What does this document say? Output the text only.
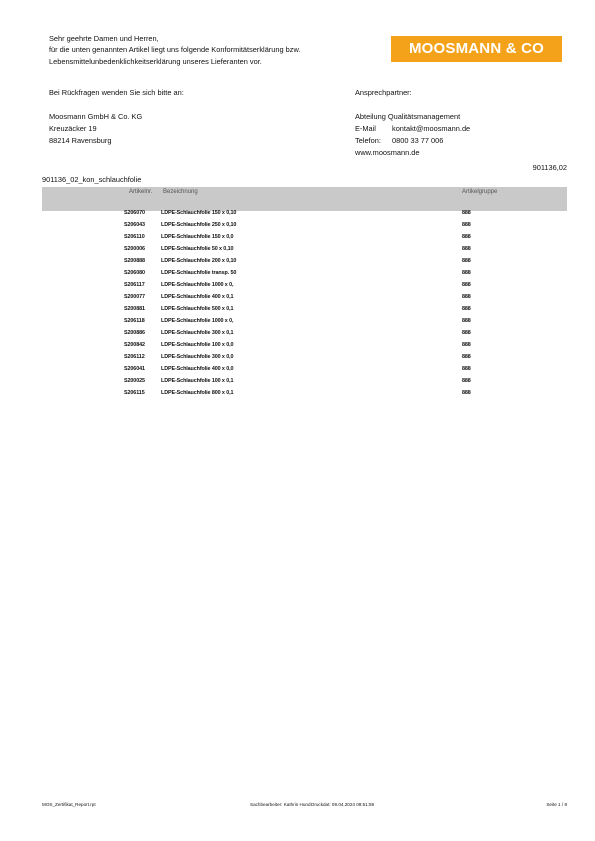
Sehr geehrte Damen und Herren,
für die unten genannten Artikel liegt uns folgende Konformitätserklärung bzw.
Lebensmittelunbedenklichkeitserklärung unseres Lieferanten vor.
MOOSMANN & CO
Bei Rückfragen wenden Sie sich bitte an:
Moosmann GmbH & Co. KG
Kreuzäcker 19
88214 Ravensburg
Ansprechpartner:
Abteilung Qualitätsmanagement
E-Mail kontakt@moosmann.de
Telefon: 0800 33 77 006
www.moosmann.de
901136,02
901136_02_kon_schlauchfolie
Artikelnr. Bezeichnung	Artikelgruppe
S206070	LDPE-Schlauchfolie 150 x 0,10	888
S206043	LDPE-Schlauchfolie 250 x 0,10	888
S206110	LDPE-Schlauchfolie 150 x 0,0	888
S200006	LDPE-Schlauchfolie 50 x 0,10	888
S200888	LDPE-Schlauchfolie 200 x 0,10	888
S206080	LDPE-Schlauchfolie transp. 50	888
S206117	LDPE-Schlauchfolie 1000 x 0,	888
S200077	LDPE-Schlauchfolie 400 x 0,1	888
S200881	LDPE-Schlauchfolie 500 x 0,1	888
S206118	LDPE-Schlauchfolie 1000 x 0,	888
S200886	LDPE-Schlauchfolie 300 x 0,1	888
S200842	LDPE-Schlauchfolie 100 x 0,0	888
S206112	LDPE-Schlauchfolie 300 x 0,0	888
S206041	LDPE-Schlauchfolie 400 x 0,0	888
S200025	LDPE-Schlauchfolie 100 x 0,1	888
S206115	LDPE-Schlauchfolie 800 x 0,1	888
MOS_Zertifikat_Report.rpt	Sachbearbeiter: Kathrin Hund Druckdat: 09.04.2024 09:51:59	Seite 1 / 8
